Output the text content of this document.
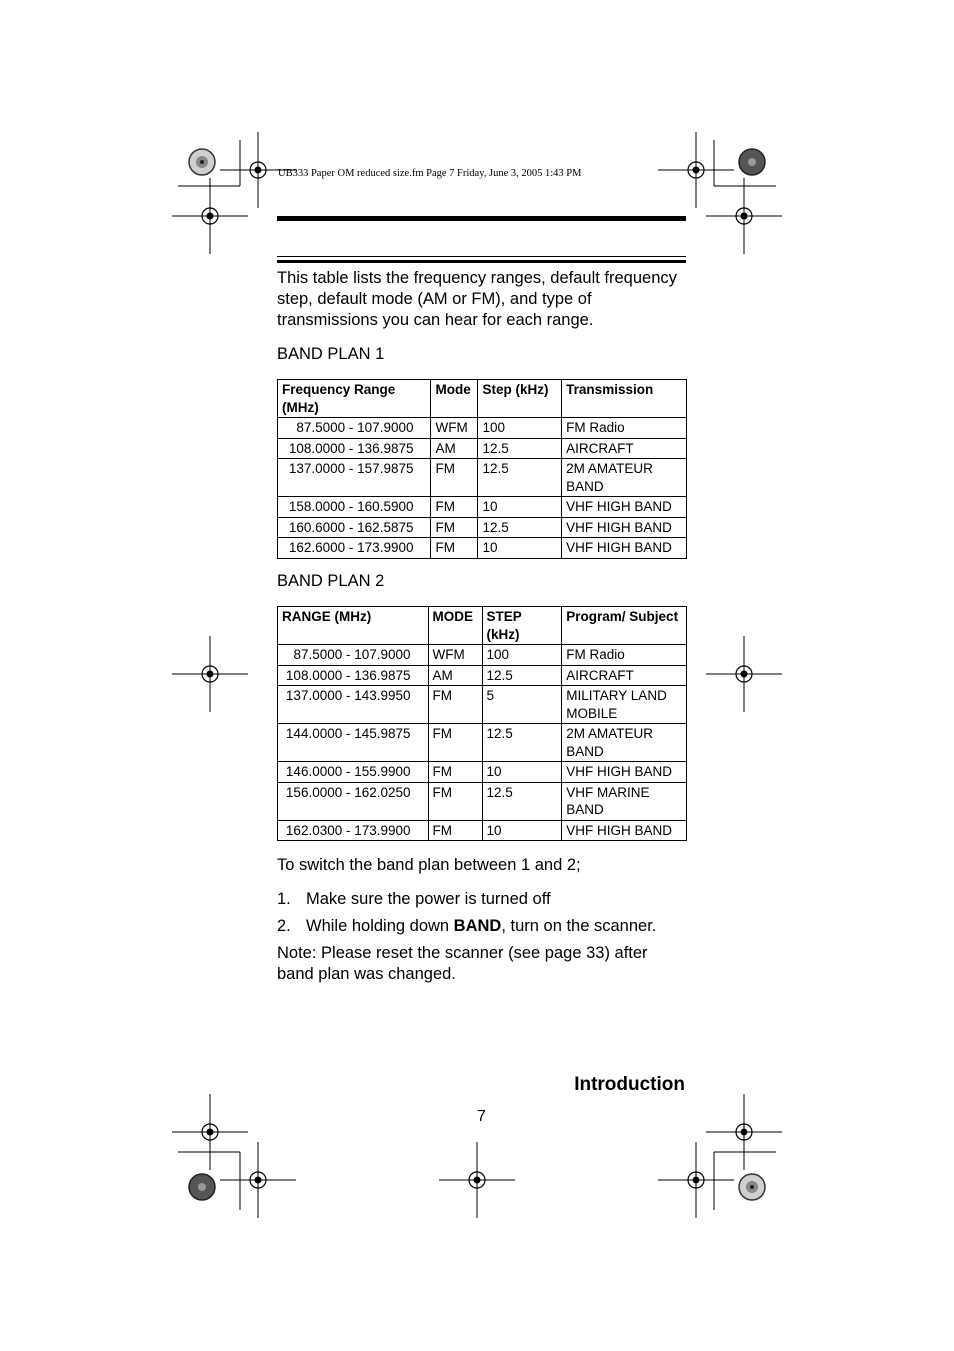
UB333 Paper OM reduced size.fm Page 7 Friday, June 3, 2005 1:43 PM
This table lists the frequency ranges, default frequency step, default mode (AM or FM), and type of transmissions you can hear for each range.
BAND PLAN 1
Frequency Range (MHz)	Mode	Step (kHz)	Transmission
87.5000 - 107.9000	WFM	100	FM Radio
108.0000 - 136.9875	AM	12.5	AIRCRAFT
137.0000 - 157.9875	FM	12.5	2M AMATEUR BAND
158.0000 - 160.5900	FM	10	VHF HIGH BAND
160.6000 - 162.5875	FM	12.5	VHF HIGH BAND
162.6000 - 173.9900	FM	10	VHF HIGH BAND
BAND PLAN 2
RANGE (MHz)	MODE	STEP (kHz)	Program/ Subject
87.5000 - 107.9000	WFM	100	FM Radio
108.0000 - 136.9875	AM	12.5	AIRCRAFT
137.0000 - 143.9950	FM	5	MILITARY LAND MOBILE
144.0000 - 145.9875	FM	12.5	2M AMATEUR BAND
146.0000 - 155.9900	FM	10	VHF HIGH BAND
156.0000 - 162.0250	FM	12.5	VHF MARINE BAND
162.0300 - 173.9900	FM	10	VHF HIGH BAND
To switch the band plan between 1 and 2;
1. Make sure the power is turned off
2. While holding down BAND, turn on the scanner.
Note: Please reset the scanner (see page 33) after band plan was changed.
Introduction
7
